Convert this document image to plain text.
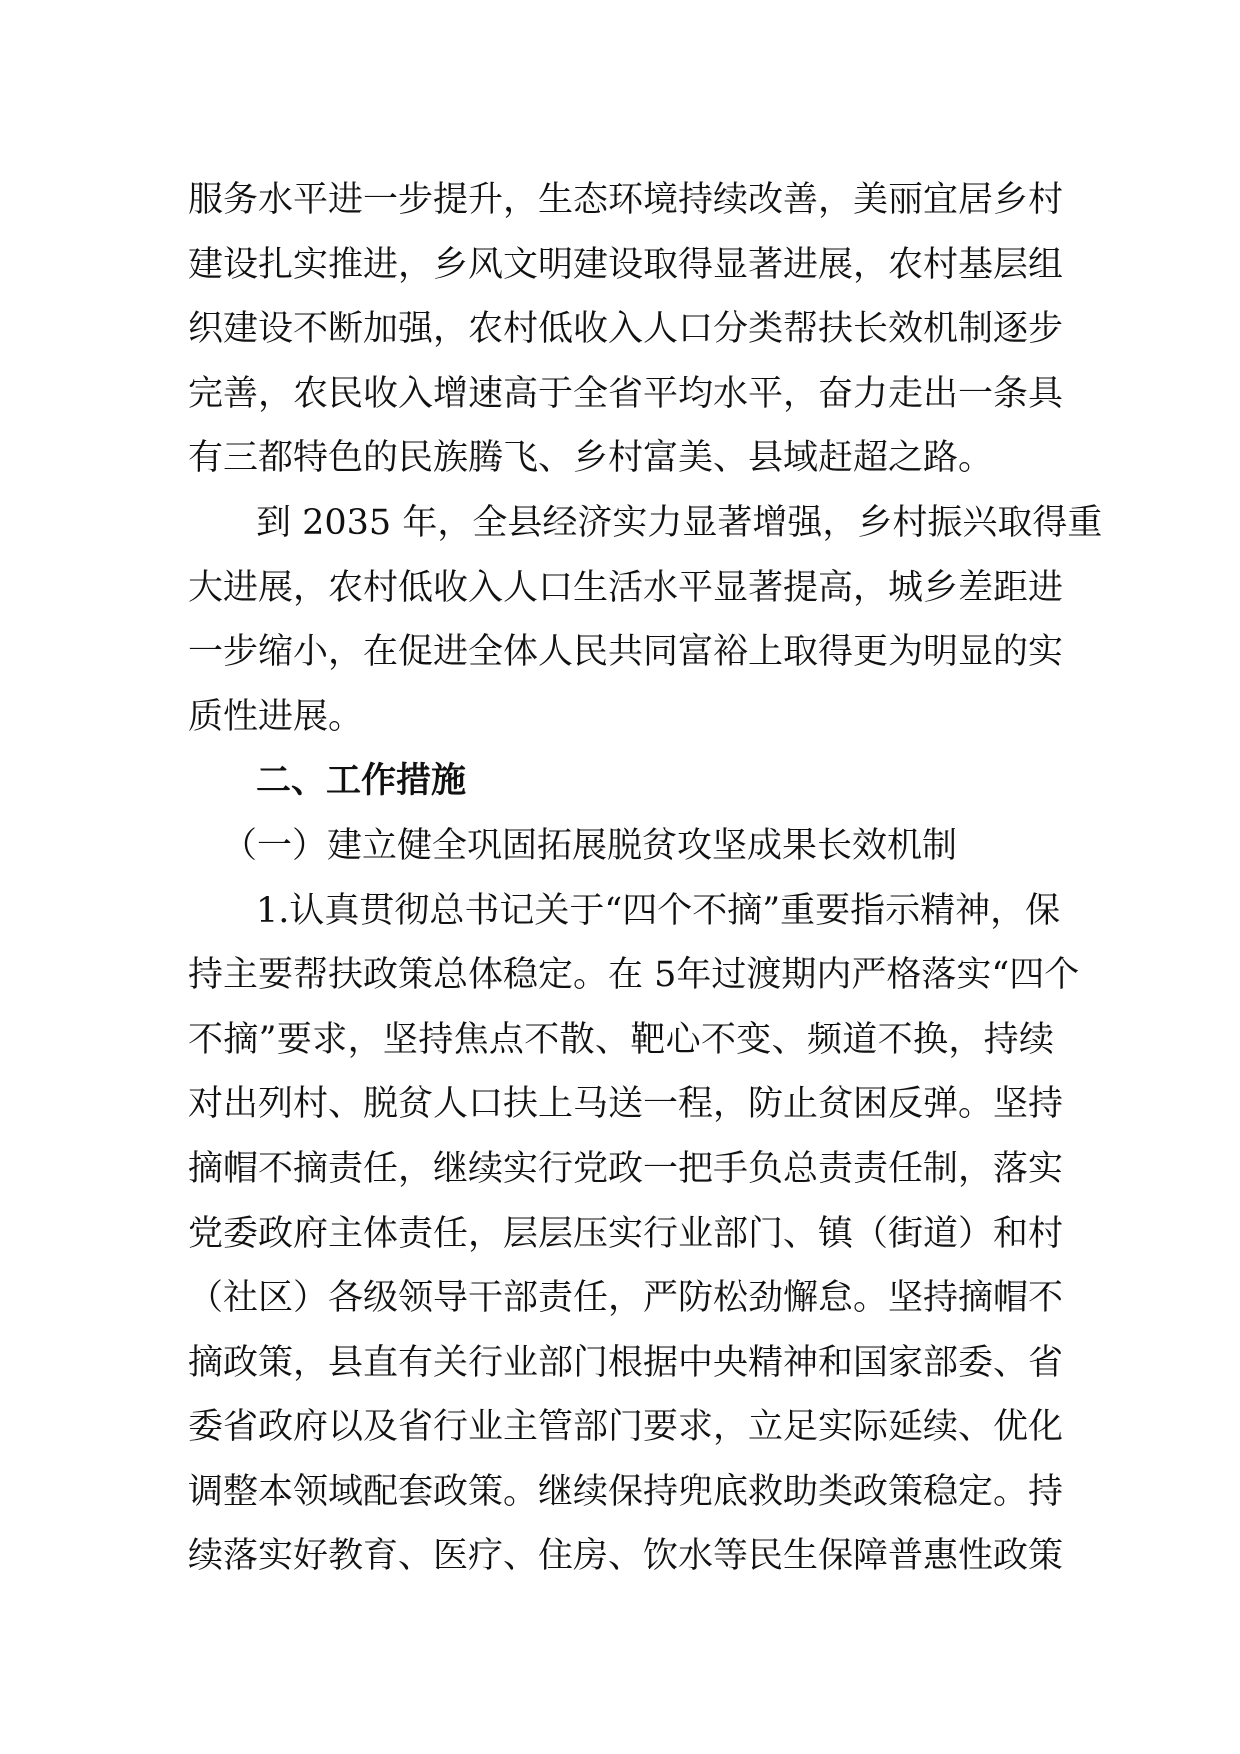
服务水平进一步提升，生态环境持续改善，美丽宜居乡村
建设扎实推进，乡风文明建设取得显著进展，农村基层组
织建设不断加强，农村低收入人口分类帮扶长效机制逐步
完善，农民收入增速高于全省平均水平，奋力走出一条具
有三都特色的民族腾飞、乡村富美、县域赶超之路。
到 2035 年，全县经济实力显著增强，乡村振兴取得重
大进展，农村低收入人口生活水平显著提高，城乡差距进
一步缩小，在促进全体人民共同富裕上取得更为明显的实
质性进展。
二、工作措施
（一）建立健全巩固拓展脱贫攻坚成果长效机制
1.认真贯彻总书记关于“四个不摘”重要指示精神，保
持主要帮扶政策总体稳定。在 5年过渡期内严格落实“四个
不摘”要求，坚持焦点不散、靶心不变、频道不换，持续
对出列村、脱贫人口扶上马送一程，防止贫困反弹。坚持
摘帽不摘责任，继续实行党政一把手负总责责任制，落实
党委政府主体责任，层层压实行业部门、镇（街道）和村
（社区）各级领导干部责任，严防松劲懈怠。坚持摘帽不
摘政策，县直有关行业部门根据中央精神和国家部委、省
委省政府以及省行业主管部门要求，立足实际延续、优化
调整本领域配套政策。继续保持兜底救助类政策稳定。持
续落实好教育、医疗、住房、饮水等民生保障普惠性政策
